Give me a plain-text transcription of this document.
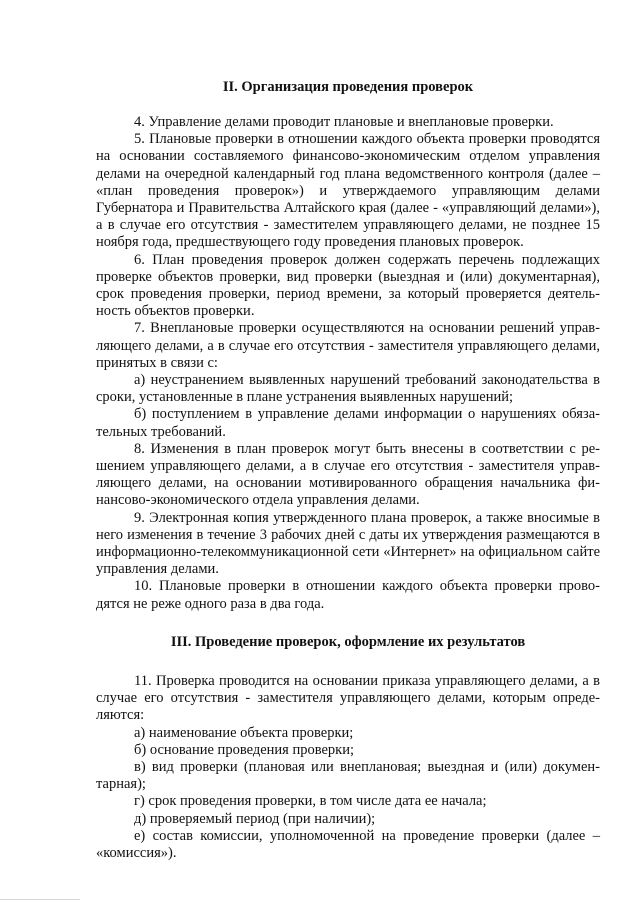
II. Организация проведения проверок

4. Управление делами проводит плановые и внеплановые проверки.

5. Плановые проверки в отношении каждого объекта проверки проводятся на основании составляемого финансово-экономическим отделом управления делами на очередной календарный год плана ведомственного контроля (далее – «план проведения проверок») и утверждаемого управляющим делами Губернатора и Правительства Алтайского края (далее - «управляющий делами»), а в случае его отсутствия - заместителем управляющего делами, не позднее 15 ноября года, предшествующего году проведения плановых проверок.

6. План проведения проверок должен содержать перечень подлежащих проверке объектов проверки, вид проверки (выездная и (или) документарная), срок проведения проверки, период времени, за который проверяется деятельность объектов проверки.

7. Внеплановые проверки осуществляются на основании решений управляющего делами, а в случае его отсутствия - заместителя управляющего делами, принятых в связи с:

а) неустранением выявленных нарушений требований законодательства в сроки, установленные в плане устранения выявленных нарушений;

б) поступлением в управление делами информации о нарушениях обязательных требований.

8. Изменения в план проверок могут быть внесены в соответствии с решением управляющего делами, а в случае его отсутствия - заместителя управляющего делами, на основании мотивированного обращения начальника финансово-экономического отдела управления делами.

9. Электронная копия утвержденного плана проверок, а также вносимые в него изменения в течение 3 рабочих дней с даты их утверждения размещаются в информационно-телекоммуникационной сети «Интернет» на официальном сайте управления делами.

10. Плановые проверки в отношении каждого объекта проверки проводятся не реже одного раза в два года.

III. Проведение проверок, оформление их результатов

11. Проверка проводится на основании приказа управляющего делами, а в случае его отсутствия - заместителя управляющего делами, которым определяются:

а) наименование объекта проверки;

б) основание проведения проверки;

в) вид проверки (плановая или внеплановая; выездная и (или) документарная);

г) срок проведения проверки, в том числе дата ее начала;

д) проверяемый период (при наличии);

е) состав комиссии, уполномоченной на проведение проверки (далее – «комиссия»).
